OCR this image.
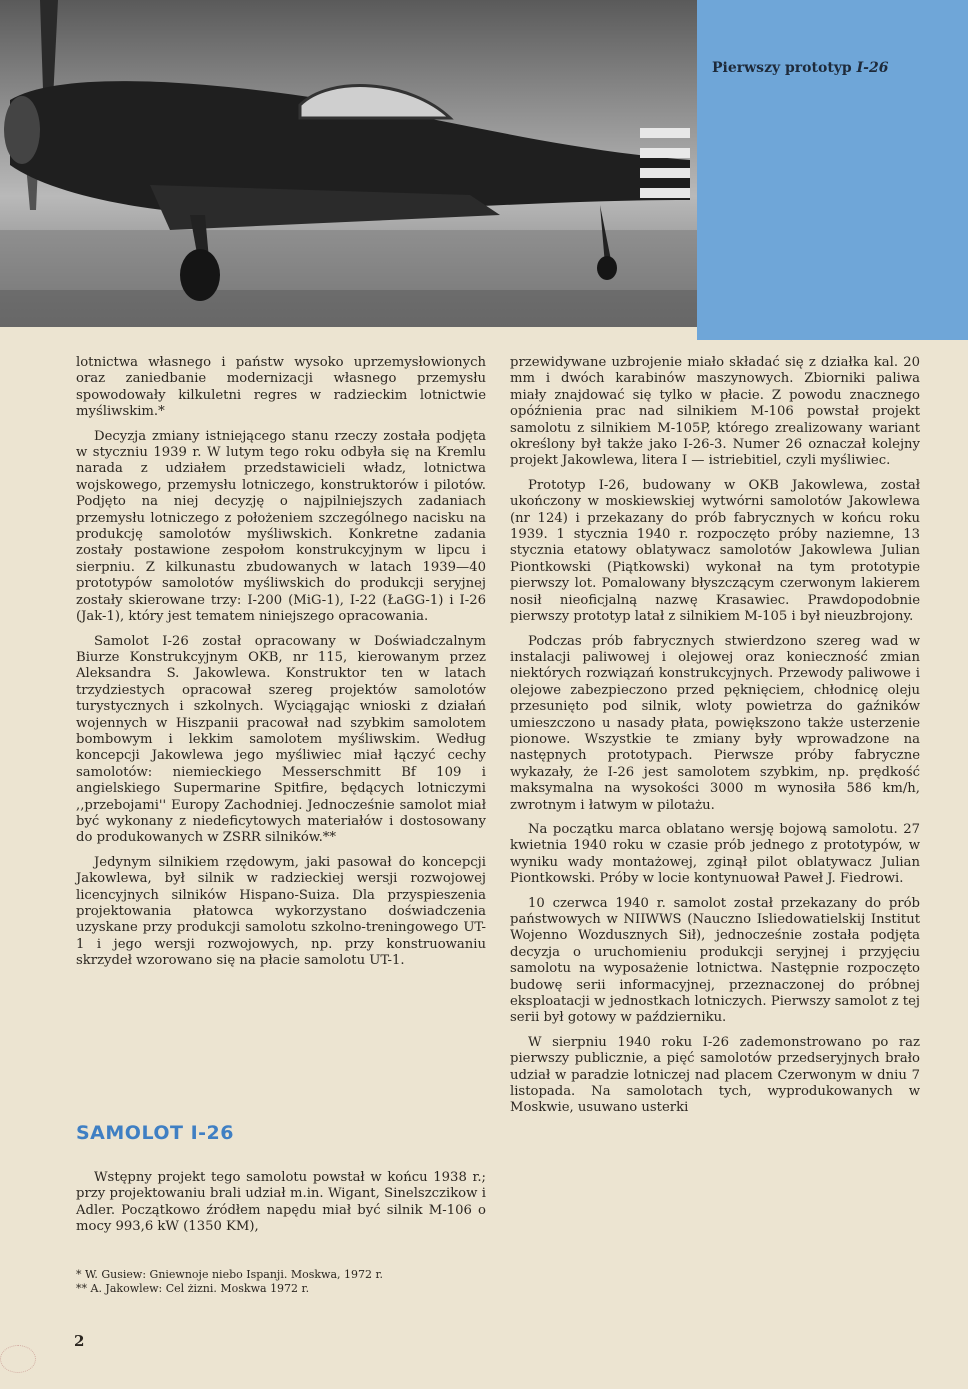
Pierwszy prototyp I-26

lotnictwa własnego i państw wysoko uprzemysłowionych oraz zaniedbanie modernizacji własnego przemysłu spowodowały kilkuletni regres w radzieckim lotnictwie myśliwskim.*

Decyzja zmiany istniejącego stanu rzeczy została podjęta w styczniu 1939 r. W lutym tego roku odbyła się na Kremlu narada z udziałem przedstawicieli władz, lotnictwa wojskowego, przemysłu lotniczego, konstruktorów i pilotów. Podjęto na niej decyzję o najpilniejszych zadaniach przemysłu lotniczego z położeniem szczególnego nacisku na produkcję samolotów myśliwskich. Konkretne zadania zostały postawione zespołom konstrukcyjnym w lipcu i sierpniu. Z kilkunastu zbudowanych w latach 1939—40 prototypów samolotów myśliwskich do produkcji seryjnej zostały skierowane trzy: I-200 (MiG-1), I-22 (ŁaGG-1) i I-26 (Jak-1), który jest tematem niniejszego opracowania.

Samolot I-26 został opracowany w Doświadczalnym Biurze Konstrukcyjnym OKB, nr 115, kierowanym przez Aleksandra S. Jakowlewa. Konstruktor ten w latach trzydziestych opracował szereg projektów samolotów turystycznych i szkolnych. Wyciągając wnioski z działań wojennych w Hiszpanii pracował nad szybkim samolotem bombowym i lekkim samolotem myśliwskim. Według koncepcji Jakowlewa jego myśliwiec miał łączyć cechy samolotów: niemieckiego Messerschmitt Bf 109 i angielskiego Supermarine Spitfire, będących lotniczymi ,,przebojami'' Europy Zachodniej. Jednocześnie samolot miał być wykonany z niedeficytowych materiałów i dostosowany do produkowanych w ZSRR silników.**

Jedynym silnikiem rzędowym, jaki pasował do koncepcji Jakowlewa, był silnik w radzieckiej wersji rozwojowej licencyjnych silników Hispano-Suiza. Dla przyspieszenia projektowania płatowca wykorzystano doświadczenia uzyskane przy produkcji samolotu szkolno-treningowego UT-1 i jego wersji rozwojowych, np. przy konstruowaniu skrzydeł wzorowano się na płacie samolotu UT-1.

SAMOLOT I-26

Wstępny projekt tego samolotu powstał w końcu 1938 r.; przy projektowaniu brali udział m.in. Wigant, Sinelszczikow i Adler. Początkowo źródłem napędu miał być silnik M-106 o mocy 993,6 kW (1350 KM),

* W. Gusiew: Gniewnoje niebo Ispanji. Moskwa, 1972 r.
** A. Jakowlew: Cel żizni. Moskwa 1972 r.

przewidywane uzbrojenie miało składać się z działka kal. 20 mm i dwóch karabinów maszynowych. Zbiorniki paliwa miały znajdować się tylko w płacie. Z powodu znacznego opóźnienia prac nad silnikiem M-106 powstał projekt samolotu z silnikiem M-105P, którego zrealizowany wariant określony był także jako I-26-3. Numer 26 oznaczał kolejny projekt Jakowlewa, litera I — istriebitiel, czyli myśliwiec.

Prototyp I-26, budowany w OKB Jakowlewa, został ukończony w moskiewskiej wytwórni samolotów Jakowlewa (nr 124) i przekazany do prób fabrycznych w końcu roku 1939. 1 stycznia 1940 r. rozpoczęto próby naziemne, 13 stycznia etatowy oblatywacz samolotów Jakowlewa Julian Piontkowski (Piątkowski) wykonał na tym prototypie pierwszy lot. Pomalowany błyszczącym czerwonym lakierem nosił nieoficjalną nazwę Krasawiec. Prawdopodobnie pierwszy prototyp latał z silnikiem M-105 i był nieuzbrojony.

Podczas prób fabrycznych stwierdzono szereg wad w instalacji paliwowej i olejowej oraz konieczność zmian niektórych rozwiązań konstrukcyjnych. Przewody paliwowe i olejowe zabezpieczono przed pęknięciem, chłodnicę oleju przesunięto pod silnik, wloty powietrza do gaźników umieszczono u nasady płata, powiększono także usterzenie pionowe. Wszystkie te zmiany były wprowadzone na następnych prototypach. Pierwsze próby fabryczne wykazały, że I-26 jest samolotem szybkim, np. prędkość maksymalna na wysokości 3000 m wynosiła 586 km/h, zwrotnym i łatwym w pilotażu.

Na początku marca oblatano wersję bojową samolotu. 27 kwietnia 1940 roku w czasie prób jednego z prototypów, w wyniku wady montażowej, zginął pilot oblatywacz Julian Piontkowski. Próby w locie kontynuował Paweł J. Fiedrowi.

10 czerwca 1940 r. samolot został przekazany do prób państwowych w NIIWWS (Nauczno Isliedowatielskij Institut Wojenno Wozdusznych Sił), jednocześnie została podjęta decyzja o uruchomieniu produkcji seryjnej i przyjęciu samolotu na wyposażenie lotnictwa. Następnie rozpoczęto budowę serii informacyjnej, przeznaczonej do próbnej eksploatacji w jednostkach lotniczych. Pierwszy samolot z tej serii był gotowy w październiku.

W sierpniu 1940 roku I-26 zademonstrowano po raz pierwszy publicznie, a pięć samolotów przedseryjnych brało udział w paradzie lotniczej nad placem Czerwonym w dniu 7 listopada. Na samolotach tych, wyprodukowanych w Moskwie, usuwano usterki

2
